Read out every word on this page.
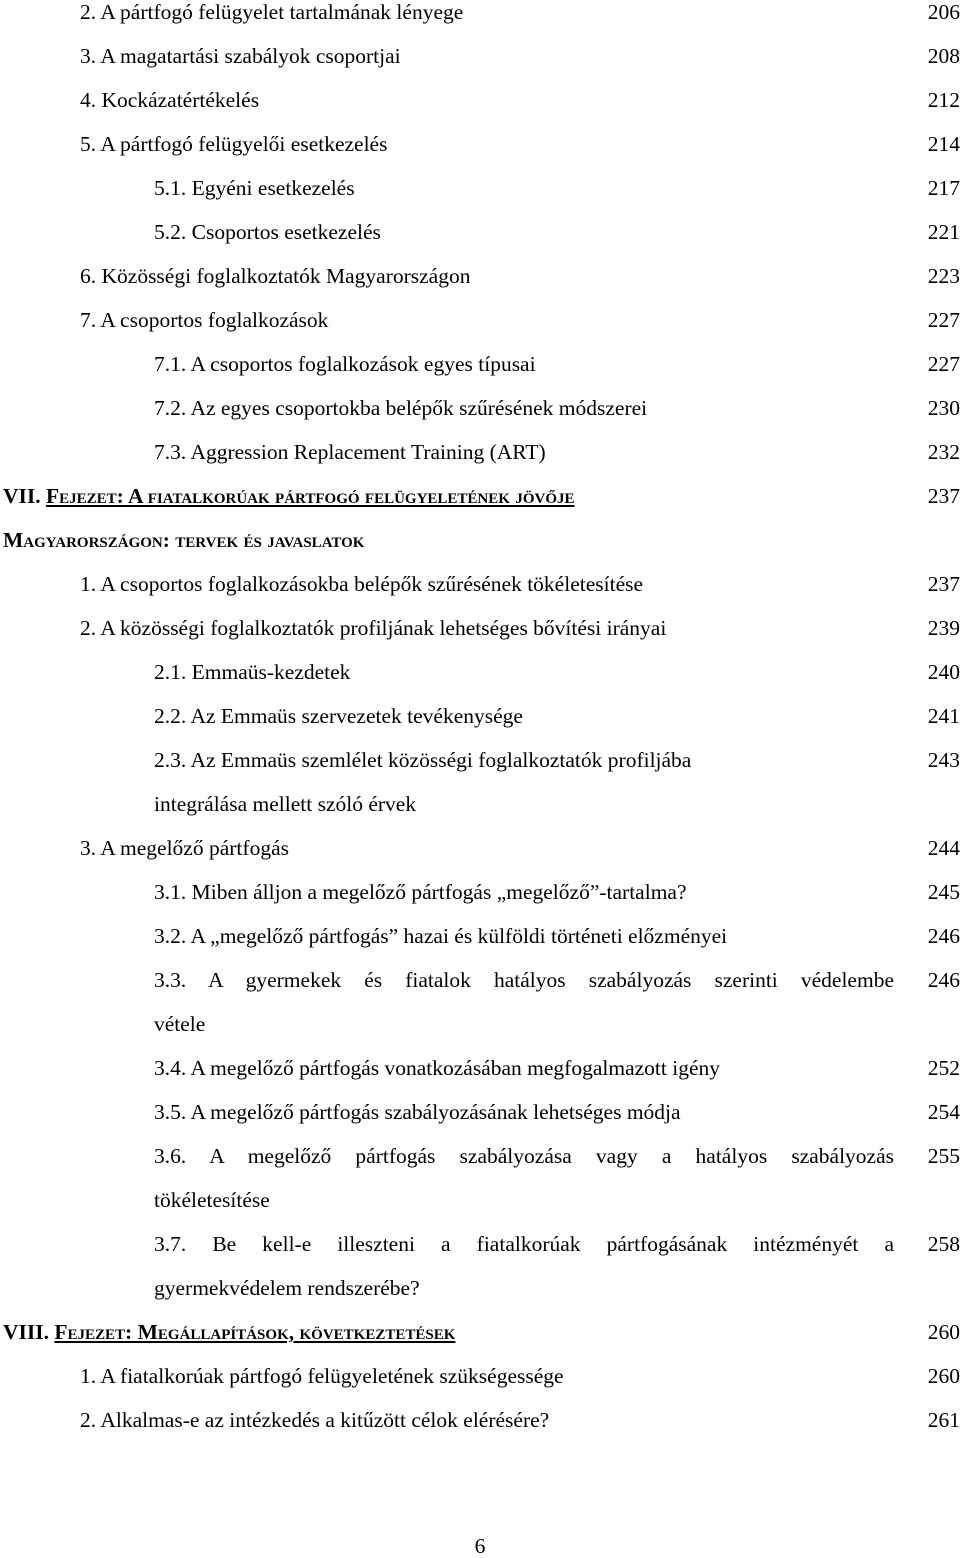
2. A pártfogó felügyelet tartalmának lényege	206
3. A magatartási szabályok csoportjai	208
4. Kockázatértékelés	212
5. A pártfogó felügyelői esetkezelés	214
5.1. Egyéni esetkezelés	217
5.2. Csoportos esetkezelés	221
6. Közösségi foglalkoztatók Magyarországon	223
7. A csoportos foglalkozások	227
7.1. A csoportos foglalkozások egyes típusai	227
7.2. Az egyes csoportokba belépők szűrésének módszerei	230
7.3. Aggression Replacement Training (ART)	232
VII. Fejezet: A fiatalkorúak pártfogó felügyeletének jövője	237
Magyarországon: tervek és javaslatok
1. A csoportos foglalkozásokba belépők szűrésének tökéletesítése	237
2. A közösségi foglalkoztatók profiljának lehetséges bővítési irányai	239
2.1. Emmaüs-kezdetek	240
2.2. Az Emmaüs szervezetek tevékenysége	241
2.3. Az Emmaüs szemlélet közösségi foglalkoztatók profiljába	243
integrálása mellett szóló érvek
3. A megelőző pártfogás	244
3.1. Miben álljon a megelőző pártfogás „megelőző”-tartalma?	245
3.2. A „megelőző pártfogás” hazai és külföldi történeti előzményei	246
3.3. A gyermekek és fiatalok hatályos szabályozás szerinti védelembe	246
vétele
3.4. A megelőző pártfogás vonatkozásában megfogalmazott igény	252
3.5. A megelőző pártfogás szabályozásának lehetséges módja	254
3.6. A megelőző pártfogás szabályozása vagy a hatályos szabályozás	255
tökéletesítése
3.7. Be kell-e illeszteni a fiatalkorúak pártfogásának intézményét a	258
gyermekvédelem rendszerébe?
VIII. Fejezet: Megállapítások, következtetések	260
1. A fiatalkorúak pártfogó felügyeletének szükségessége	260
2. Alkalmas-e az intézkedés a kitűzött célok elérésére?	261
6
